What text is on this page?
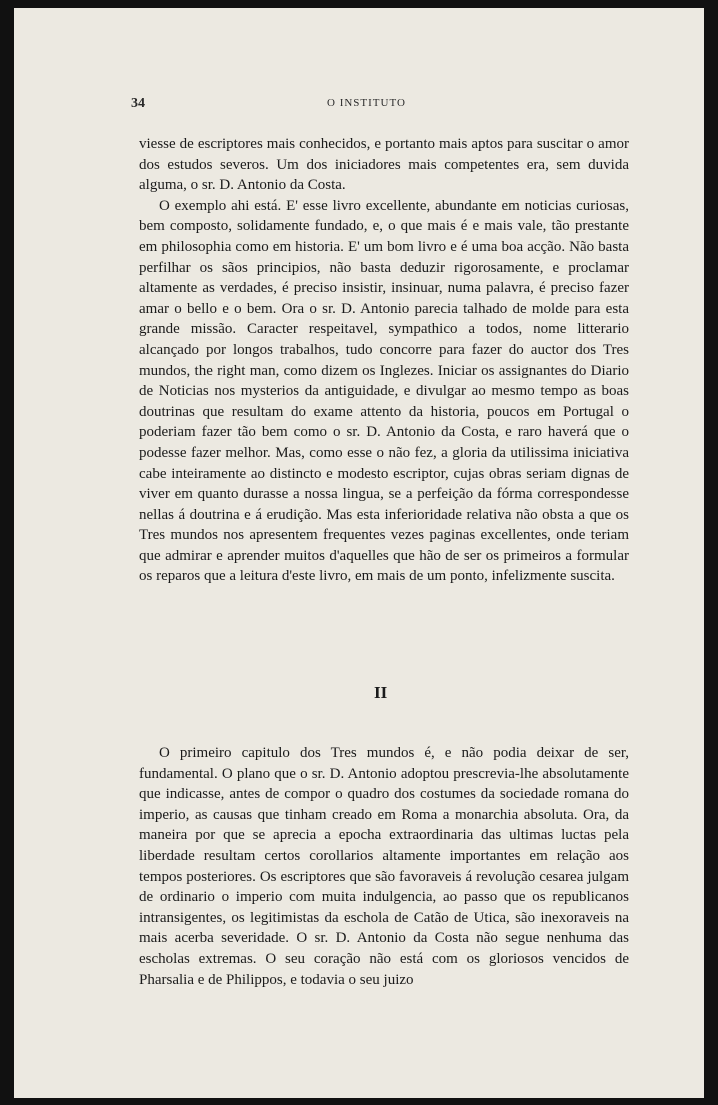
34	O INSTITUTO

viesse de escriptores mais conhecidos, e portanto mais aptos para suscitar o amor dos estudos severos. Um dos iniciadores mais competentes era, sem duvida alguma, o sr. D. Antonio da Costa.

O exemplo ahi está. E' esse livro excellente, abundante em noticias curiosas, bem composto, solidamente fundado, e, o que mais é e mais vale, tão prestante em philosophia como em historia. E' um bom livro e é uma boa acção. Não basta perfilhar os sãos principios, não basta deduzir rigorosamente, e proclamar altamente as verdades, é preciso insistir, insinuar, numa palavra, é preciso fazer amar o bello e o bem. Ora o sr. D. Antonio parecia talhado de molde para esta grande missão. Caracter respeitavel, sympathico a todos, nome litterario alcançado por longos trabalhos, tudo concorre para fazer do auctor dos Tres mundos, the right man, como dizem os Inglezes. Iniciar os assignantes do Diario de Noticias nos mysterios da antiguidade, e divulgar ao mesmo tempo as boas doutrinas que resultam do exame attento da historia, poucos em Portugal o poderiam fazer tão bem como o sr. D. Antonio da Costa, e raro haverá que o podesse fazer melhor. Mas, como esse o não fez, a gloria da utilissima iniciativa cabe inteiramente ao distincto e modesto escriptor, cujas obras seriam dignas de viver em quanto durasse a nossa lingua, se a perfeição da fórma correspondesse nellas á doutrina e á erudição. Mas esta inferioridade relativa não obsta a que os Tres mundos nos apresentem frequentes vezes paginas excellentes, onde teriam que admirar e aprender muitos d'aquelles que hão de ser os primeiros a formular os reparos que a leitura d'este livro, em mais de um ponto, infelizmente suscita.

II

O primeiro capitulo dos Tres mundos é, e não podia deixar de ser, fundamental. O plano que o sr. D. Antonio adoptou prescrevia-lhe absolutamente que indicasse, antes de compor o quadro dos costumes da sociedade romana do imperio, as causas que tinham creado em Roma a monarchia absoluta. Ora, da maneira por que se aprecia a epocha extraordinaria das ultimas luctas pela liberdade resultam certos corollarios altamente importantes em relação aos tempos posteriores. Os escriptores que são favoraveis á revolução cesarea julgam de ordinario o imperio com muita indulgencia, ao passo que os republicanos intransigentes, os legitimistas da eschola de Catão de Utica, são inexoraveis na mais acerba severidade. O sr. D. Antonio da Costa não segue nenhuma das escholas extremas. O seu coração não está com os gloriosos vencidos de Pharsalia e de Philippos, e todavia o seu juizo
